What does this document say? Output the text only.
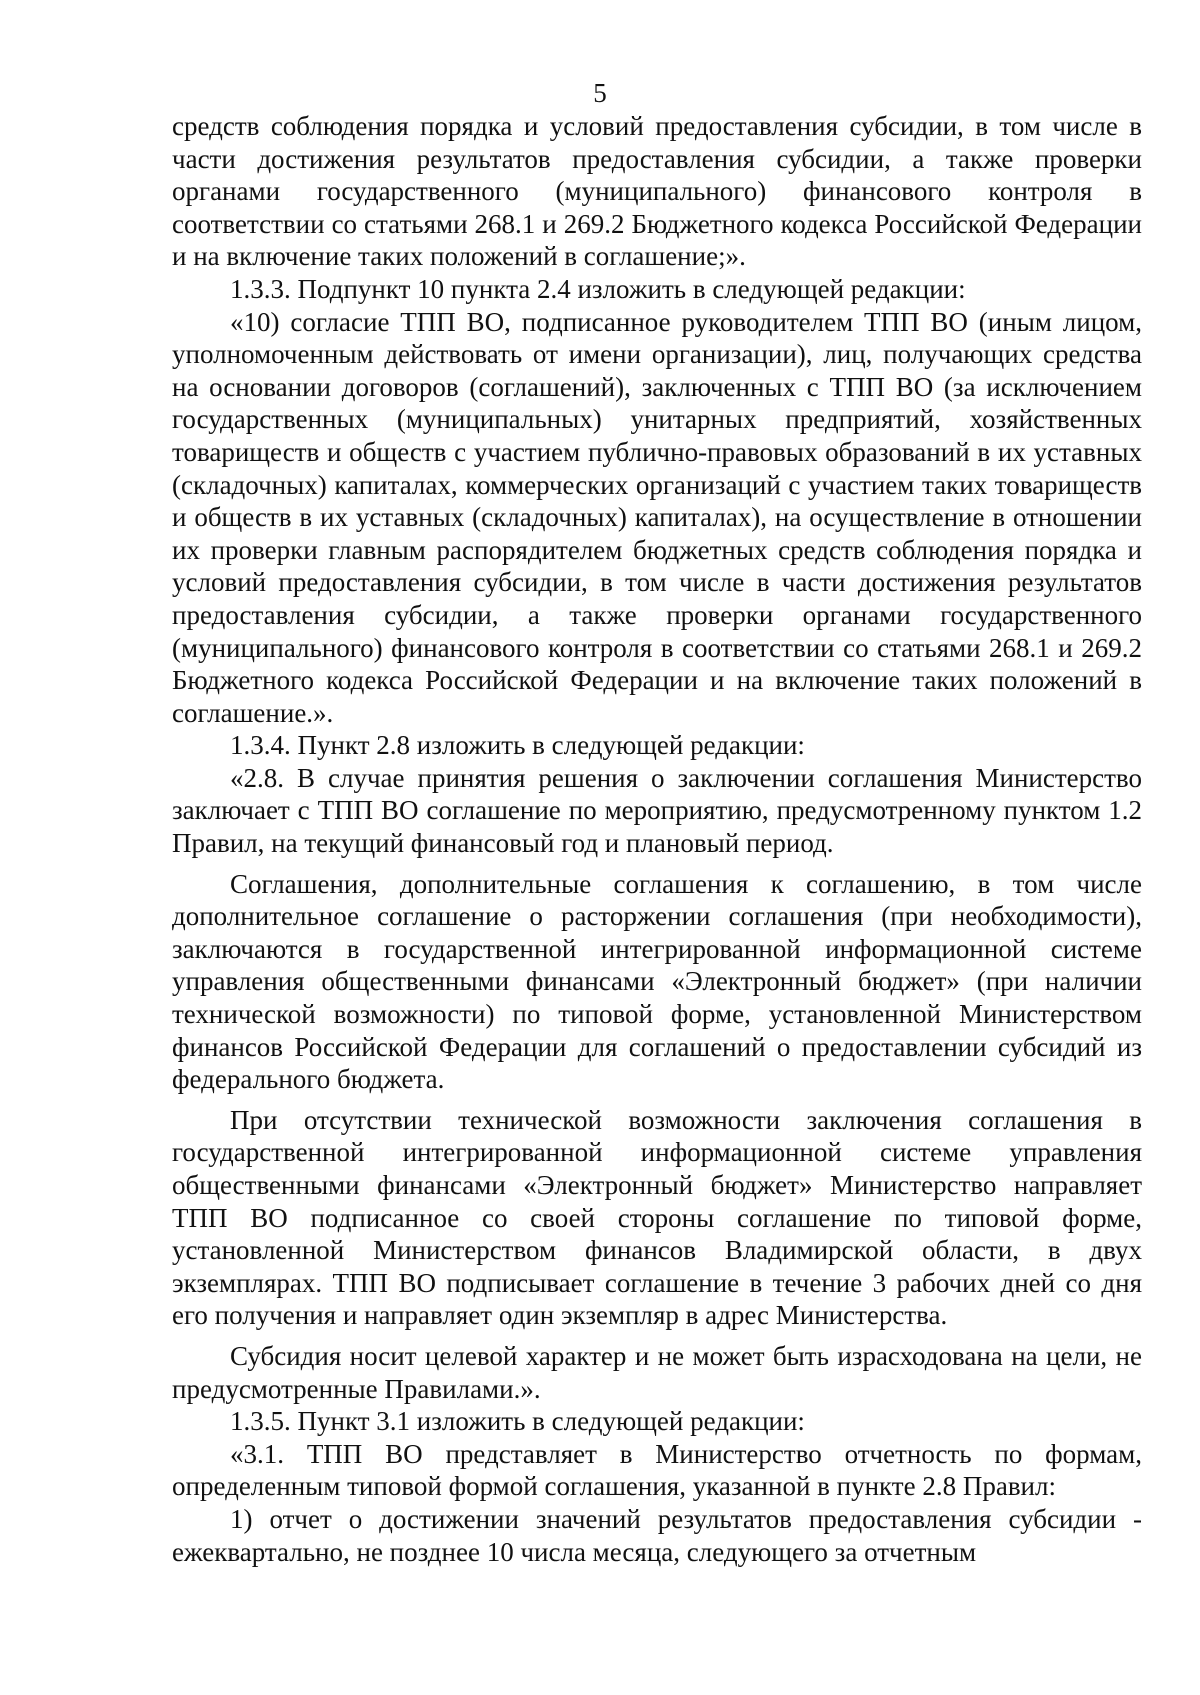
5

средств соблюдения порядка и условий предоставления субсидии, в том числе в части достижения результатов предоставления субсидии, а также проверки органами государственного (муниципального) финансового контроля в соответствии со статьями 268.1 и 269.2 Бюджетного кодекса Российской Федерации и на включение таких положений в соглашение;».

1.3.3. Подпункт 10 пункта 2.4 изложить в следующей редакции:

«10) согласие ТПП ВО, подписанное руководителем ТПП ВО (иным лицом, уполномоченным действовать от имени организации), лиц, получающих средства на основании договоров (соглашений), заключенных с ТПП ВО (за исключением государственных (муниципальных) унитарных предприятий, хозяйственных товариществ и обществ с участием публично-правовых образований в их уставных (складочных) капиталах, коммерческих организаций с участием таких товариществ и обществ в их уставных (складочных) капиталах), на осуществление в отношении их проверки главным распорядителем бюджетных средств соблюдения порядка и условий предоставления субсидии, в том числе в части достижения результатов предоставления субсидии, а также проверки органами государственного (муниципального) финансового контроля в соответствии со статьями 268.1 и 269.2 Бюджетного кодекса Российской Федерации и на включение таких положений в соглашение.».

1.3.4. Пункт 2.8 изложить в следующей редакции:

«2.8. В случае принятия решения о заключении соглашения Министерство заключает с ТПП ВО соглашение по мероприятию, предусмотренному пунктом 1.2 Правил, на текущий финансовый год и плановый период.

Соглашения, дополнительные соглашения к соглашению, в том числе дополнительное соглашение о расторжении соглашения (при необходимости), заключаются в государственной интегрированной информационной системе управления общественными финансами «Электронный бюджет» (при наличии технической возможности) по типовой форме, установленной Министерством финансов Российской Федерации для соглашений о предоставлении субсидий из федерального бюджета.

При отсутствии технической возможности заключения соглашения в государственной интегрированной информационной системе управления общественными финансами «Электронный бюджет» Министерство направляет ТПП ВО подписанное со своей стороны соглашение по типовой форме, установленной Министерством финансов Владимирской области, в двух экземплярах. ТПП ВО подписывает соглашение в течение 3 рабочих дней со дня его получения и направляет один экземпляр в адрес Министерства.

Субсидия носит целевой характер и не может быть израсходована на цели, не предусмотренные Правилами.».

1.3.5. Пункт 3.1 изложить в следующей редакции:

«3.1. ТПП ВО представляет в Министерство отчетность по формам, определенным типовой формой соглашения, указанной в пункте 2.8 Правил:

1) отчет о достижении значений результатов предоставления субсидии - ежеквартально, не позднее 10 числа месяца, следующего за отчетным
